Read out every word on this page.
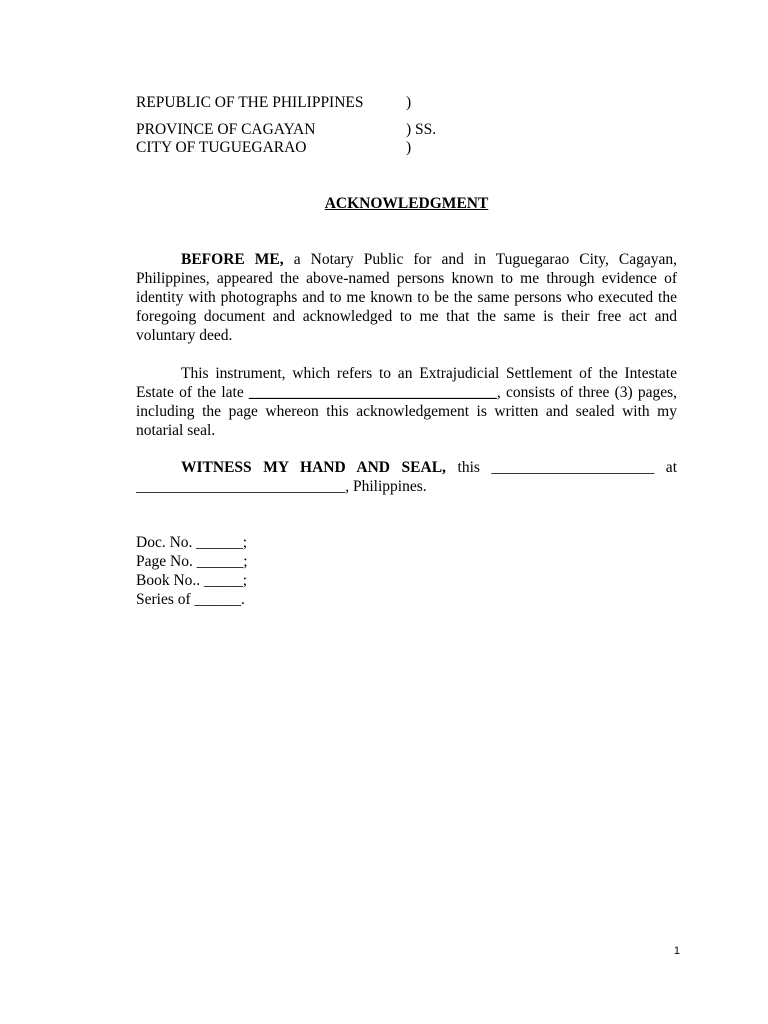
REPUBLIC OF THE PHILIPPINES	)
PROVINCE OF CAGAYAN	) SS.
CITY OF TUGUEGARAO	)
ACKNOWLEDGMENT

BEFORE ME, a Notary Public for and in Tuguegarao City, Cagayan, Philippines, appeared the above-named persons known to me through evidence of identity with photographs and to me known to be the same persons who executed the foregoing document and acknowledged to me that the same is their free act and voluntary deed.

This instrument, which refers to an Extrajudicial Settlement of the Intestate Estate of the late ________________________________, consists of three (3) pages, including the page whereon this acknowledgement is written and sealed with my notarial seal.

WITNESS MY HAND AND SEAL, this _____________________ at ___________________________, Philippines.

Doc. No. ______;
Page No. ______;
Book No.. _____;
Series of ______.
1
